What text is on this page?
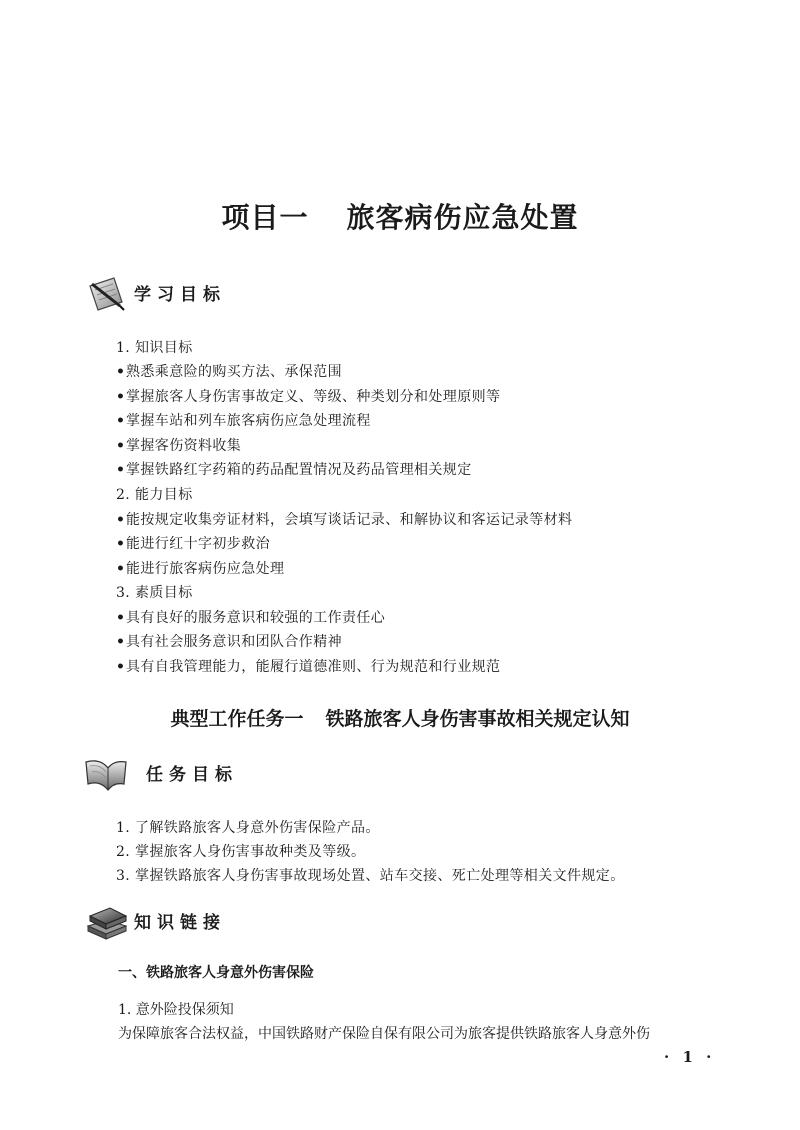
项目一 旅客病伤应急处置
学习目标
1. 知识目标
•熟悉乘意险的购买方法、承保范围
•掌握旅客人身伤害事故定义、等级、种类划分和处理原则等
•掌握车站和列车旅客病伤应急处理流程
•掌握客伤资料收集
•掌握铁路红字药箱的药品配置情况及药品管理相关规定
2. 能力目标
•能按规定收集旁证材料，会填写谈话记录、和解协议和客运记录等材料
•能进行红十字初步救治
•能进行旅客病伤应急处理
3. 素质目标
•具有良好的服务意识和较强的工作责任心
•具有社会服务意识和团队合作精神
•具有自我管理能力，能履行道德准则、行为规范和行业规范
典型工作任务一 铁路旅客人身伤害事故相关规定认知
任务目标
1. 了解铁路旅客人身意外伤害保险产品。
2. 掌握旅客人身伤害事故种类及等级。
3. 掌握铁路旅客人身伤害事故现场处置、站车交接、死亡处理等相关文件规定。
知识链接
一、铁路旅客人身意外伤害保险
1. 意外险投保须知
为保障旅客合法权益，中国铁路财产保险自保有限公司为旅客提供铁路旅客人身意外伤
· 1 ·
